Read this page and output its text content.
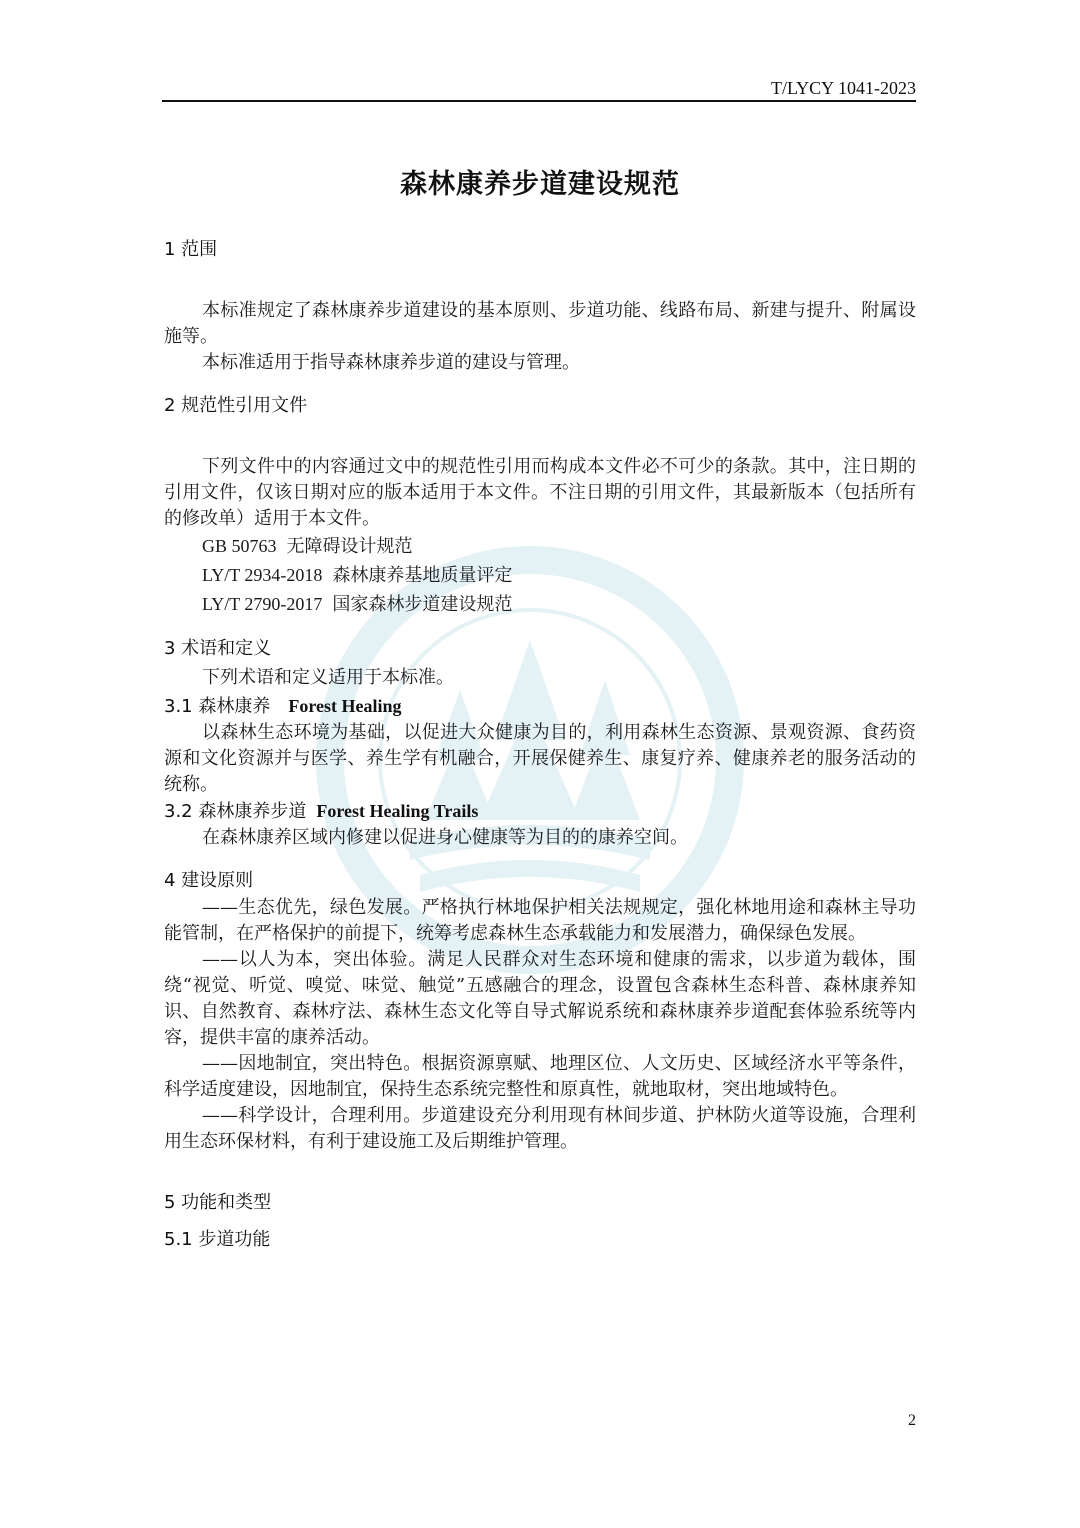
T/LYCY 1041-2023
森林康养步道建设规范
1 范围

本标准规定了森林康养步道建设的基本原则、步道功能、线路布局、新建与提升、附属设施等。

本标准适用于指导森林康养步道的建设与管理。

2 规范性引用文件

下列文件中的内容通过文中的规范性引用而构成本文件必不可少的条款。其中，注日期的引用文件，仅该日期对应的版本适用于本文件。不注日期的引用文件，其最新版本（包括所有的修改单）适用于本文件。

GB 50763 无障碍设计规范
LY/T 2934-2018 森林康养基地质量评定
LY/T 2790-2017 国家森林步道建设规范
3 术语和定义

下列术语和定义适用于本标准。

3.1 森林康养 Forest Healing

以森林生态环境为基础，以促进大众健康为目的，利用森林生态资源、景观资源、食药资源和文化资源并与医学、养生学有机融合，开展保健养生、康复疗养、健康养老的服务活动的统称。

3.2 森林康养步道 Forest Healing Trails

在森林康养区域内修建以促进身心健康等为目的的康养空间。

4 建设原则

——生态优先，绿色发展。严格执行林地保护相关法规规定，强化林地用途和森林主导功能管制，在严格保护的前提下，统筹考虑森林生态承载能力和发展潜力，确保绿色发展。

——以人为本，突出体验。满足人民群众对生态环境和健康的需求，以步道为载体，围绕“视觉、听觉、嗅觉、味觉、触觉”五感融合的理念，设置包含森林生态科普、森林康养知识、自然教育、森林疗法、森林生态文化等自导式解说系统和森林康养步道配套体验系统等内容，提供丰富的康养活动。

——因地制宜，突出特色。根据资源禀赋、地理区位、人文历史、区域经济水平等条件，科学适度建设，因地制宜，保持生态系统完整性和原真性，就地取材，突出地域特色。

——科学设计，合理利用。步道建设充分利用现有林间步道、护林防火道等设施，合理利用生态环保材料，有利于建设施工及后期维护管理。

5 功能和类型
5.1 步道功能
2
